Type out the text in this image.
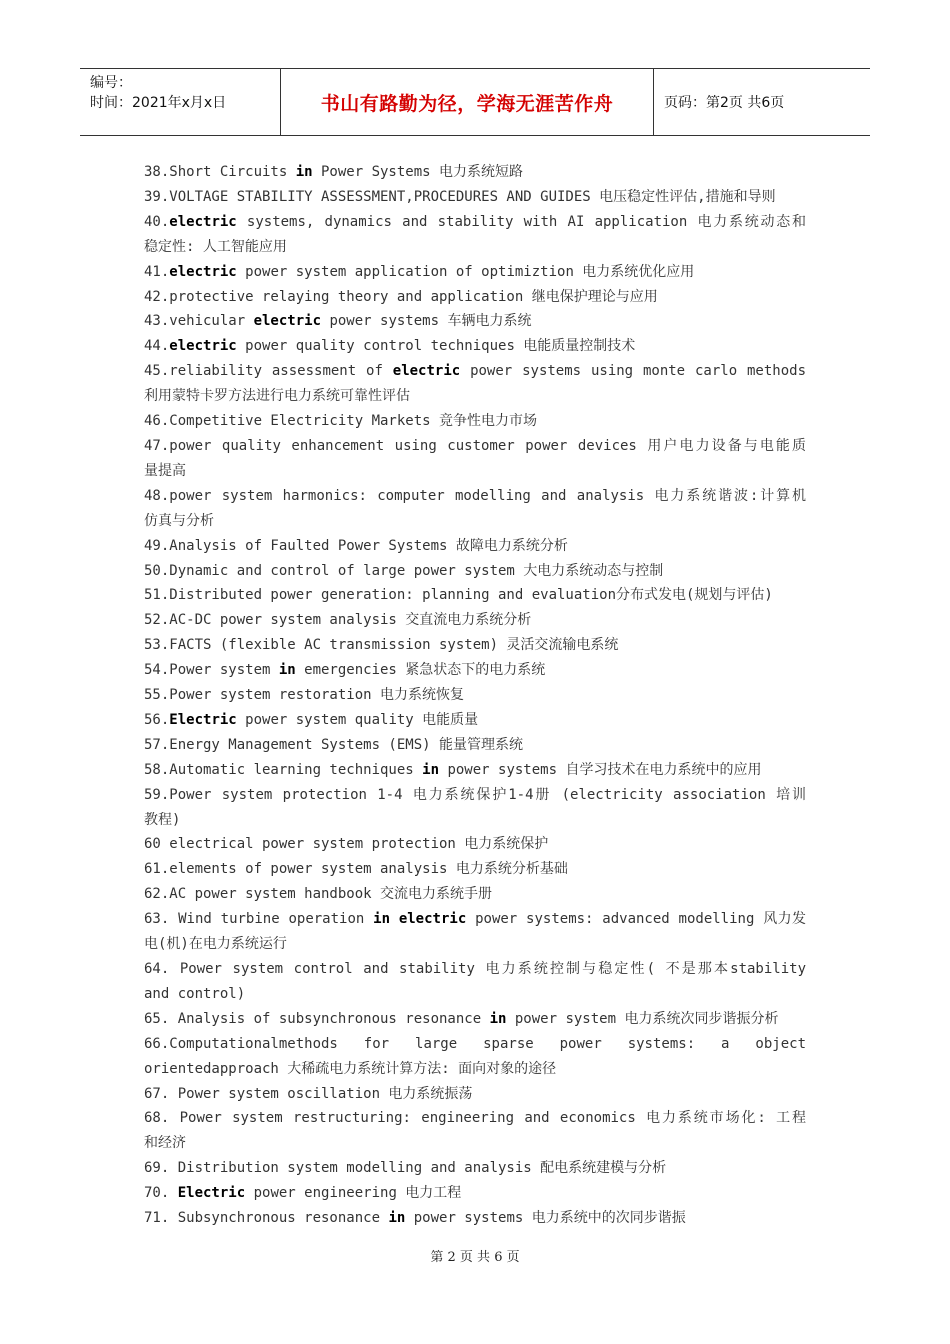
编号：
时间：2021年x月x日	书山有路勤为径，学海无涯苦作舟	页码：第2页 共6页
38.Short Circuits in Power Systems 电力系统短路
39.VOLTAGE STABILITY ASSESSMENT,PROCEDURES AND GUIDES 电压稳定性评估,措施和导则
40.electric systems, dynamics and stability with AI application 电力系统动态和
稳定性: 人工智能应用
41.electric power system application of optimiztion 电力系统优化应用
42.protective relaying theory and application 继电保护理论与应用
43.vehicular electric power systems 车辆电力系统
44.electric power quality control techniques 电能质量控制技术
45.reliability assessment of electric power systems using monte carlo methods
利用蒙特卡罗方法进行电力系统可靠性评估
46.Competitive Electricity Markets 竞争性电力市场
47.power quality enhancement using customer power devices 用户电力设备与电能质
量提高
48.power system harmonics: computer modelling and analysis 电力系统谐波:计算机
仿真与分析
49.Analysis of Faulted Power Systems 故障电力系统分析
50.Dynamic and control of large power system 大电力系统动态与控制
51.Distributed power generation: planning and evaluation分布式发电(规划与评估)
52.AC-DC power system analysis 交直流电力系统分析
53.FACTS (flexible AC transmission system) 灵活交流输电系统
54.Power system in emergencies 紧急状态下的电力系统
55.Power system restoration 电力系统恢复
56.Electric power system quality 电能质量
57.Energy Management Systems (EMS) 能量管理系统
58.Automatic learning techniques in power systems 自学习技术在电力系统中的应用
59.Power system protection 1-4 电力系统保护1-4册 (electricity association 培训
教程)
60 electrical power system protection 电力系统保护
61.elements of power system analysis 电力系统分析基础
62.AC power system handbook 交流电力系统手册
63. Wind turbine operation in electric power systems: advanced modelling 风力发
电(机)在电力系统运行
64. Power system control and stability 电力系统控制与稳定性( 不是那本stability
and control)
65. Analysis of subsynchronous resonance in power system 电力系统次同步谐振分析
66.Computationalmethods for large sparse power systems: a object
orientedapproach 大稀疏电力系统计算方法: 面向对象的途径
67. Power system oscillation 电力系统振荡
68. Power system restructuring: engineering and economics 电力系统市场化: 工程
和经济
69. Distribution system modelling and analysis 配电系统建模与分析
70. Electric power engineering 电力工程
71. Subsynchronous resonance in power systems 电力系统中的次同步谐振
第 2 页 共 6 页
